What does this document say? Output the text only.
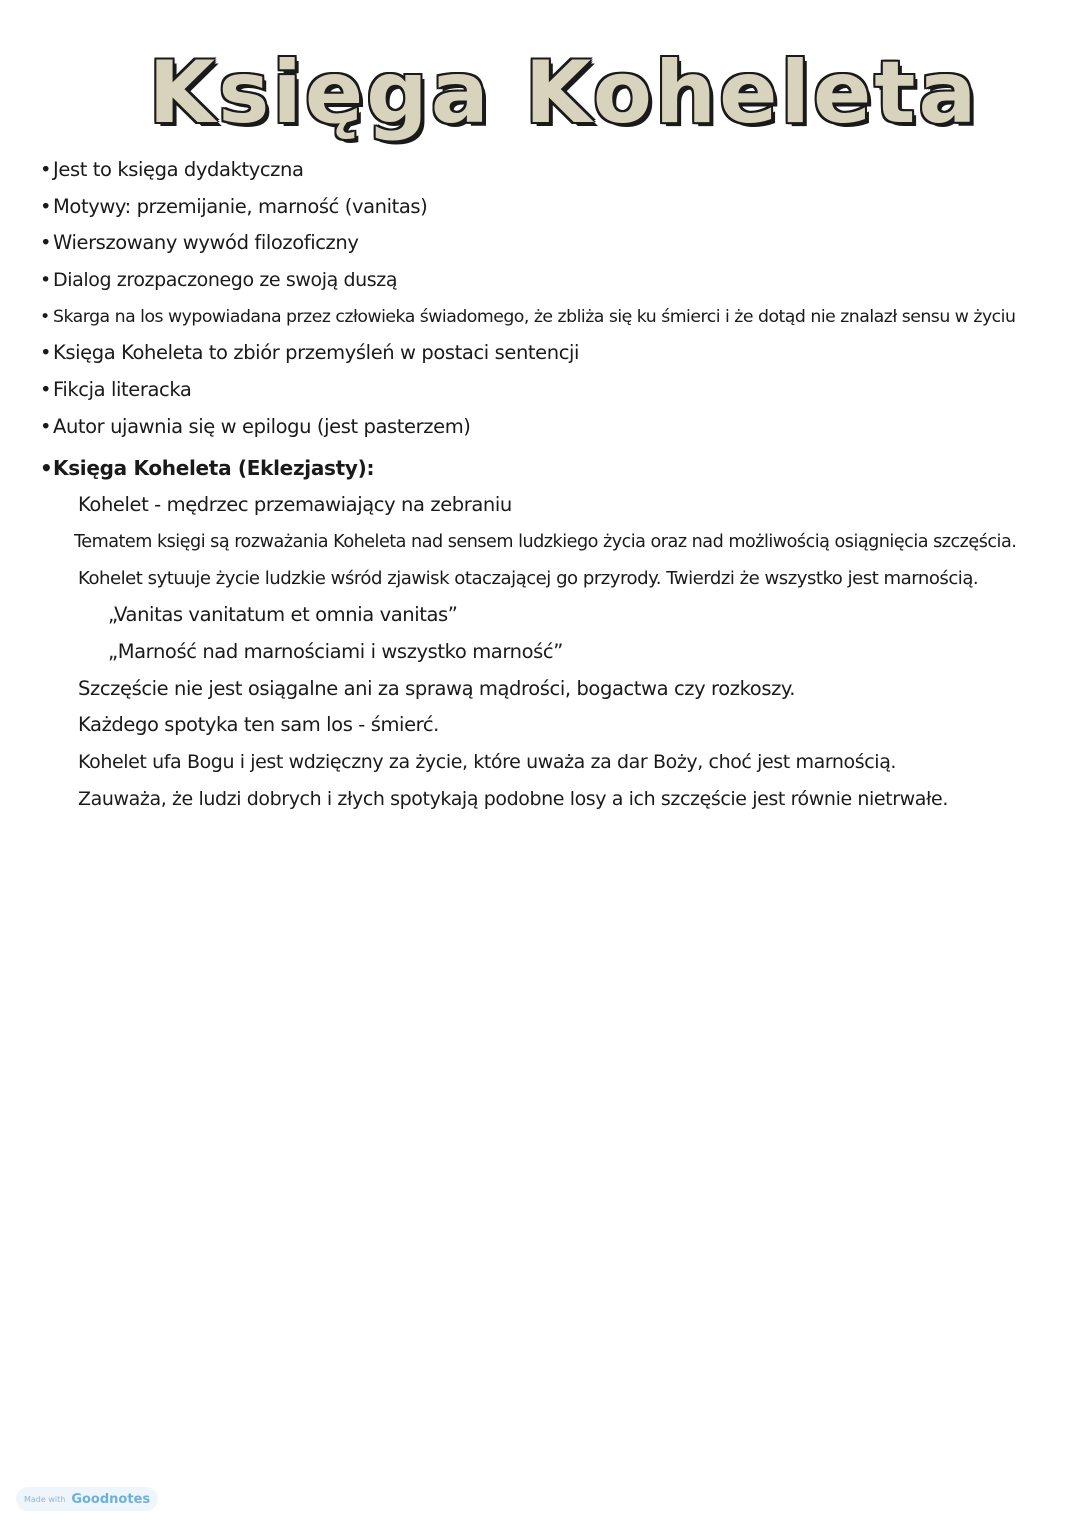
Księga Koheleta
• Jest to księga dydaktyczna
• Motywy: przemijanie, marność (vanitas)
• Wierszowany wywód filozoficzny
• Dialog zrozpaczonego ze swoją duszą
• Skarga na los wypowiadana przez człowieka świadomego, że zbliża się ku śmierci i że dotąd nie znalazł sensu w życiu
• Księga Koheleta to zbiór przemyśleń w postaci sentencji
• Fikcja literacka
• Autor ujawnia się w epilogu (jest pasterzem)
• Księga Koheleta (Eklezjasty):

Kohelet - mędrzec przemawiający na zebraniu

Tematem księgi są rozważania Koheleta nad sensem ludzkiego życia oraz nad możliwością osiągnięcia szczęścia.

Kohelet sytuuje życie ludzkie wśród zjawisk otaczającej go przyrody. Twierdzi że wszystko jest marnością.

„Vanitas vanitatum et omnia vanitas”

„Marność nad marnościami i wszystko marność”

Szczęście nie jest osiągalne ani za sprawą mądrości, bogactwa czy rozkoszy.

Każdego spotyka ten sam los - śmierć.

Kohelet ufa Bogu i jest wdzięczny za życie, które uważa za dar Boży, choć jest marnością.

Zauważa, że ludzi dobrych i złych spotykają podobne losy a ich szczęście jest równie nietrwałe.

Made with Goodnotes
